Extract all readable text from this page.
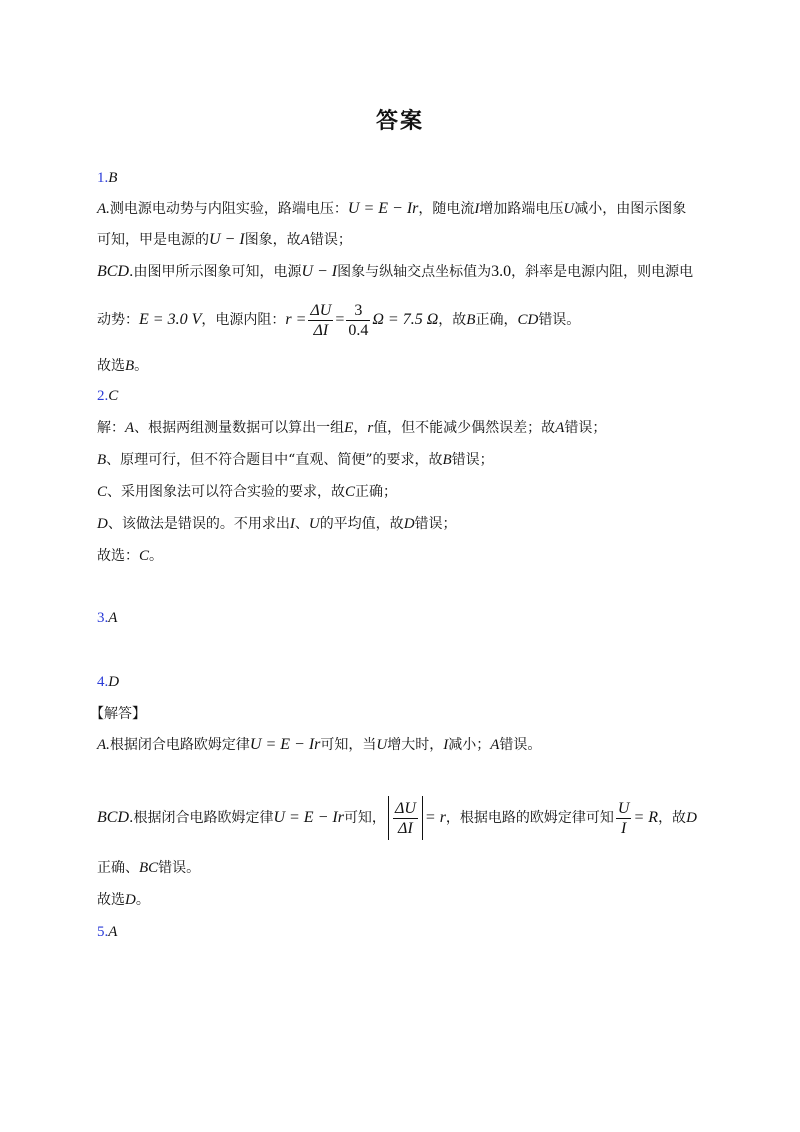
答案
1.B
A.测电源电动势与内阻实验，路端电压：U = E − Ir，随电流I增加路端电压U减小，由图示图象
可知，甲是电源的U − I图象，故A错误；
BCD.由图甲所示图象可知，电源U − I图象与纵轴交点坐标值为3.0，斜率是电源内阻，则电源电
动势：E = 3.0 V，电源内阻：$r = \frac{\Delta U}{\Delta I} = \frac{3}{0.4}$ Ω = 7.5 Ω，故B正确，CD错误。
故选B。
2.C
解：A、根据两组测量数据可以算出一组E，r值，但不能减少偶然误差；故A错误；
B、原理可行，但不符合题目中“直观、简便”的要求，故B错误；
C、采用图象法可以符合实验的要求，故C正确；
D、该做法是错误的。不用求出I、U的平均值，故D错误；
故选：C。
3.A
4.D
【解答】
A.根据闭合电路欧姆定律U = E − Ir可知，当U增大时，I减小；A错误。
BCD.根据闭合电路欧姆定律U = E − Ir可知， $\frac{\Delta U}{\Delta I} = r$，根据电路的欧姆定律可知 $\frac{U}{I} = R$，故D
正确、BC错误。
故选D。
5.A
